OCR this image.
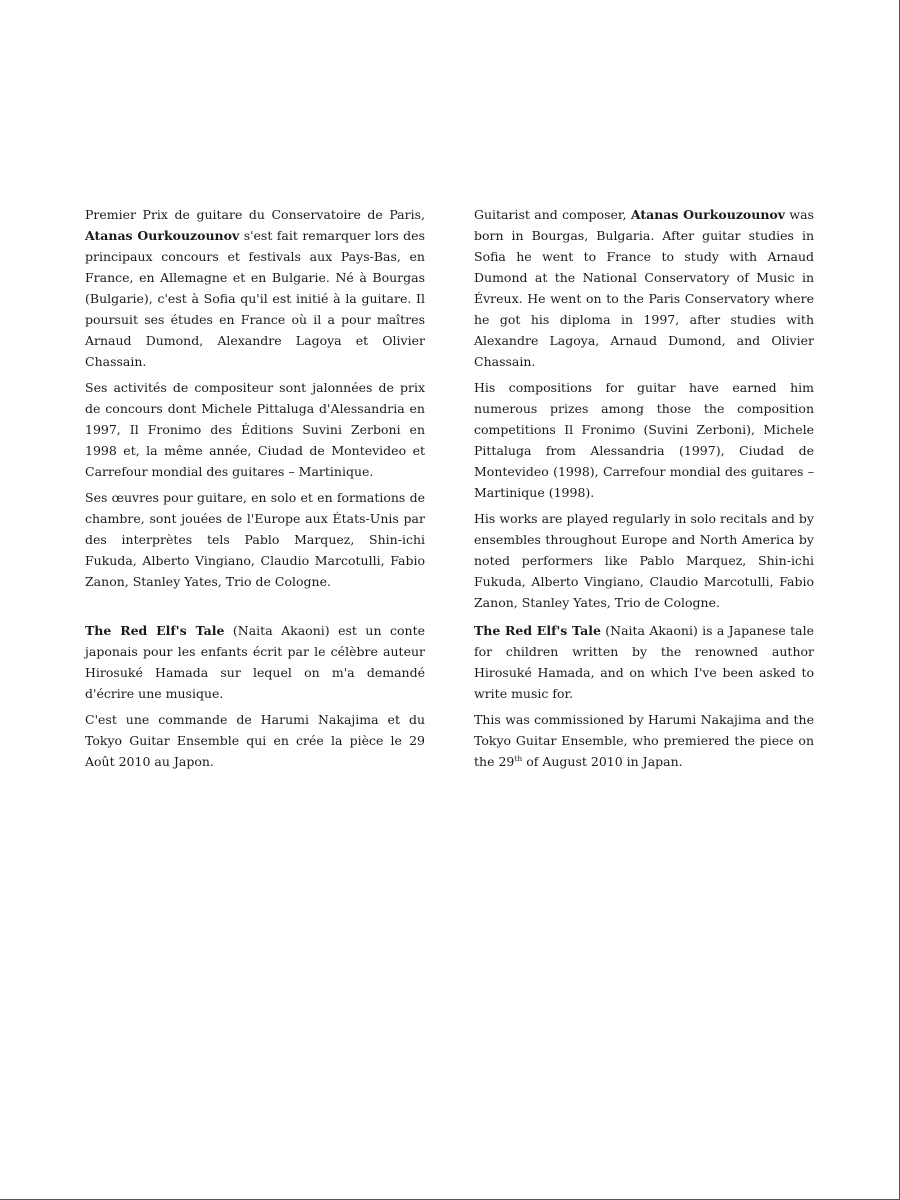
Premier Prix de guitare du Conservatoire de Paris, Atanas Ourkouzounov s'est fait remarquer lors des principaux concours et festivals aux Pays-Bas, en France, en Allemagne et en Bulgarie. Né à Bourgas (Bulgarie), c'est à Sofia qu'il est initié à la guitare. Il poursuit ses études en France où il a pour maîtres Arnaud Dumond, Alexandre Lagoya et Olivier Chassain.

Ses activités de compositeur sont jalonnées de prix de concours dont Michele Pittaluga d'Alessandria en 1997, Il Fronimo des Éditions Suvini Zerboni en 1998 et, la même année, Ciudad de Montevideo et Carrefour mondial des guitares – Martinique.

Ses œuvres pour guitare, en solo et en formations de chambre, sont jouées de l'Europe aux États-Unis par des interprètes tels Pablo Marquez, Shin-ichi Fukuda, Alberto Vingiano, Claudio Marcotulli, Fabio Zanon, Stanley Yates, Trio de Cologne.

Guitarist and composer, Atanas Ourkouzounov was born in Bourgas, Bulgaria. After guitar studies in Sofia he went to France to study with Arnaud Dumond at the National Conservatory of Music in Évreux. He went on to the Paris Conservatory where he got his diploma in 1997, after studies with Alexandre Lagoya, Arnaud Dumond, and Olivier Chassain.

His compositions for guitar have earned him numerous prizes among those the composition competitions Il Fronimo (Suvini Zerboni), Michele Pittaluga from Alessandria (1997), Ciudad de Montevideo (1998), Carrefour mondial des guitares – Martinique (1998).

His works are played regularly in solo recitals and by ensembles throughout Europe and North America by noted performers like Pablo Marquez, Shin-ichi Fukuda, Alberto Vingiano, Claudio Marcotulli, Fabio Zanon, Stanley Yates, Trio de Cologne.

The Red Elf's Tale (Naita Akaoni) est un conte japonais pour les enfants écrit par le célèbre auteur Hirosuké Hamada sur lequel on m'a demandé d'écrire une musique.

C'est une commande de Harumi Nakajima et du Tokyo Guitar Ensemble qui en crée la pièce le 29 Août 2010 au Japon.

The Red Elf's Tale (Naita Akaoni) is a Japanese tale for children written by the renowned author Hirosuké Hamada, and on which I've been asked to write music for.

This was commissioned by Harumi Nakajima and the Tokyo Guitar Ensemble, who premiered the piece on the 29th of August 2010 in Japan.
